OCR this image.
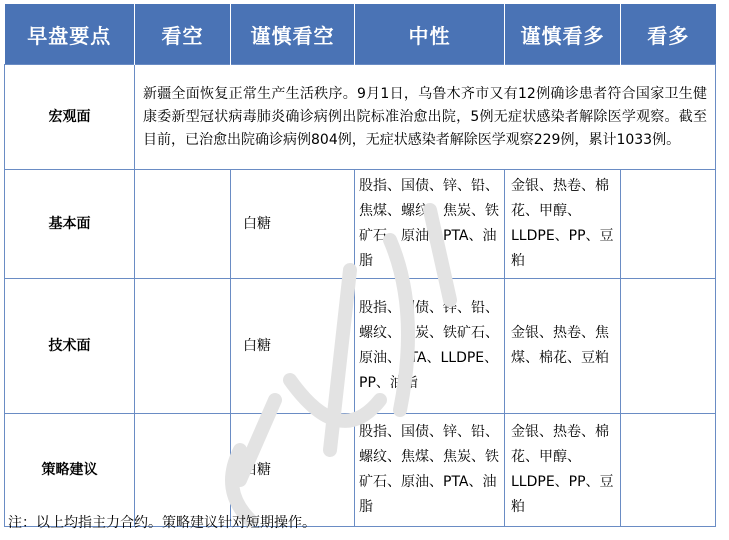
早盘要点	看空	谨慎看空	中性	谨慎看多	看多
宏观面	新疆全面恢复正常生产生活秩序。9月1日，乌鲁木齐市又有12例确诊患者符合国家卫生健康委新型冠状病毒肺炎确诊病例出院标准治愈出院，5例无症状感染者解除医学观察。截至目前，已治愈出院确诊病例804例，无症状感染者解除医学观察229例，累计1033例。				
基本面		白糖	股指、国债、锌、铅、焦煤、螺纹、焦炭、铁矿石、原油、PTA、油脂	金银、热卷、棉花、甲醇、LLDPE、PP、豆粕	
技术面		白糖	股指、国债、锌、铅、螺纹、焦炭、铁矿石、原油、PTA、LLDPE、PP、油脂	金银、热卷、焦煤、棉花、豆粕	
策略建议		白糖	股指、国债、锌、铅、螺纹、焦煤、焦炭、铁矿石、原油、PTA、油脂	金银、热卷、棉花、甲醇、LLDPE、PP、豆粕	
注：以上均指主力合约。策略建议针对短期操作。
